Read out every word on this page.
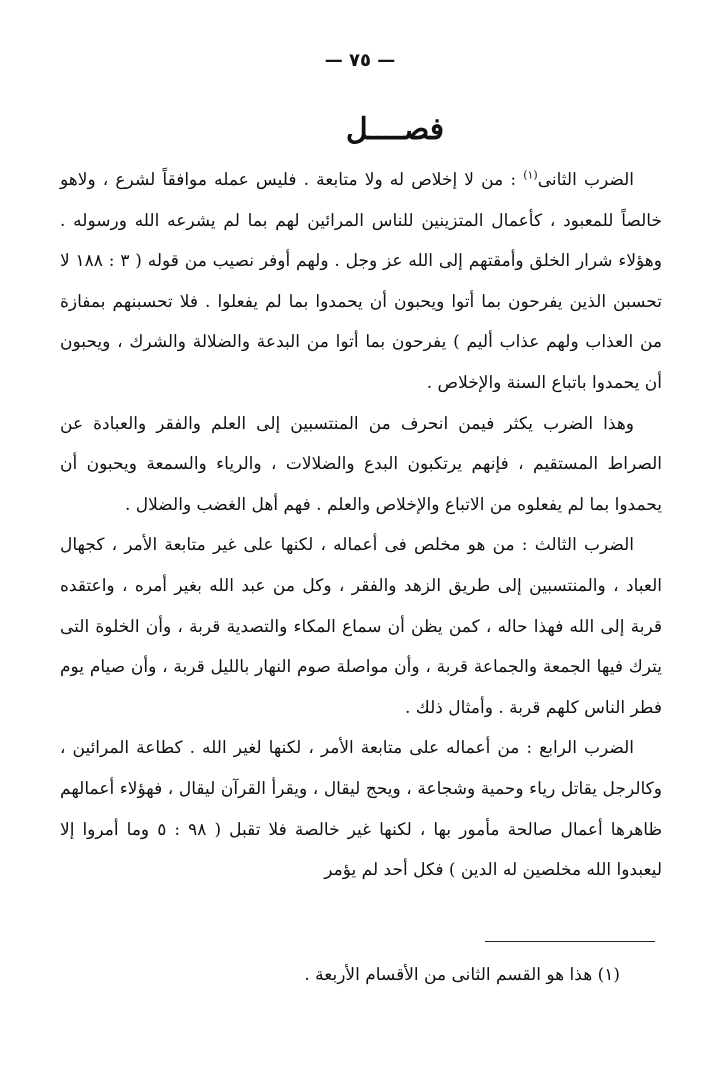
— ٧٥ —
فصــــل

الضرب الثانى$^{(١)}$ : من لا إخلاص له ولا متابعة . فليس عمله موافقاً لشرع ، ولاهو خالصاً للمعبود ، كأعمال المتزينين للناس المرائين لهم بما لم يشرعه الله ورسوله . وهؤلاء شرار الخلق وأمقتهم إلى الله عز وجل . ولهم أوفر نصيب من قوله ( ٣ : ١٨٨ لا تحسبن الذين يفرحون بما أتوا ويحبون أن يحمدوا بما لم يفعلوا . فلا تحسبنهم بمفازة من العذاب ولهم عذاب أليم ) يفرحون بما أتوا من البدعة والضلالة والشرك ، ويحبون أن يحمدوا باتباع السنة والإخلاص .

وهذا الضرب يكثر فيمن انحرف من المنتسبين إلى العلم والفقر والعبادة عن الصراط المستقيم ، فإنهم يرتكبون البدع والضلالات ، والرياء والسمعة ويحبون أن يحمدوا بما لم يفعلوه من الاتباع والإخلاص والعلم . فهم أهل الغضب والضلال .

الضرب الثالث : من هو مخلص فى أعماله ، لكنها على غير متابعة الأمر ، كجهال العباد ، والمنتسبين إلى طريق الزهد والفقر ، وكل من عبد الله بغير أمره ، واعتقده قربة إلى الله فهذا حاله ، كمن يظن أن سماع المكاء والتصدية قربة ، وأن الخلوة التى يترك فيها الجمعة والجماعة قربة ، وأن مواصلة صوم النهار بالليل قربة ، وأن صيام يوم فطر الناس كلهم قربة . وأمثال ذلك .

الضرب الرابع : من أعماله على متابعة الأمر ، لكنها لغير الله . كطاعة المرائين ، وكالرجل يقاتل رياء وحمية وشجاعة ، ويحج ليقال ، ويقرأ القرآن ليقال ، فهؤلاء أعمالهم ظاهرها أعمال صالحة مأمور بها ، لكنها غير خالصة فلا تقبل ( ٩٨ : ٥ وما أمروا إلا ليعبدوا الله مخلصين له الدين ) فكل أحد لم يؤمر

(١) هذا هو القسم الثانى من الأقسام الأربعة .
